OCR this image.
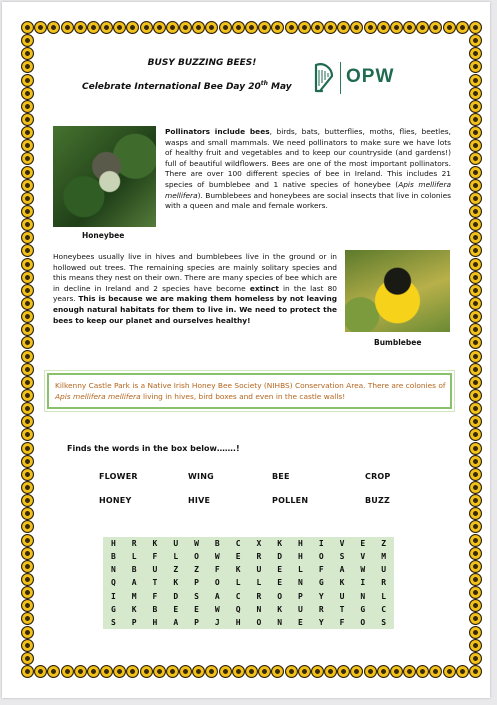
BUSY BUZZING BEES!
Celebrate International Bee Day 20th May	OPW
Honeybee
Pollinators include bees, birds, bats, butterflies, moths, flies, beetles, wasps and small mammals. We need pollinators to make sure we have lots of healthy fruit and vegetables and to keep our countryside (and gardens!) full of beautiful wildflowers. Bees are one of the most important pollinators. There are over 100 different species of bee in Ireland. This includes 21 species of bumblebee and 1 native species of honeybee (Apis mellifera mellifera). Bumblebees and honeybees are social insects that live in colonies with a queen and male and female workers.
Honeybees usually live in hives and bumblebees live in the ground or in hollowed out trees. The remaining species are mainly solitary species and this means they nest on their own. There are many species of bee which are in decline in Ireland and 2 species have become extinct in the last 80 years. This is because we are making them homeless by not leaving enough natural habitats for them to live in. We need to protect the bees to keep our planet and ourselves healthy!
Bumblebee
Kilkenny Castle Park is a Native Irish Honey Bee Society (NIHBS) Conservation Area. There are colonies of Apis mellifera mellifera living in hives, bird boxes and even in the castle walls!
Finds the words in the box below…….!
FLOWER	WING	BEE	CROP
HONEY	HIVE	POLLEN	BUZZ
H	R	K	U	W	B	C	X	K	H	I	V	E	Z
B	L	F	L	O	W	E	R	D	H	O	S	V	M
N	B	U	Z	Z	F	K	U	E	L	F	A	W	U
Q	A	T	K	P	O	L	L	E	N	G	K	I	R
I	M	F	D	S	A	C	R	O	P	Y	U	N	L
G	K	B	E	E	W	Q	N	K	U	R	T	G	C
S	P	H	A	P	J	H	O	N	E	Y	F	O	S
